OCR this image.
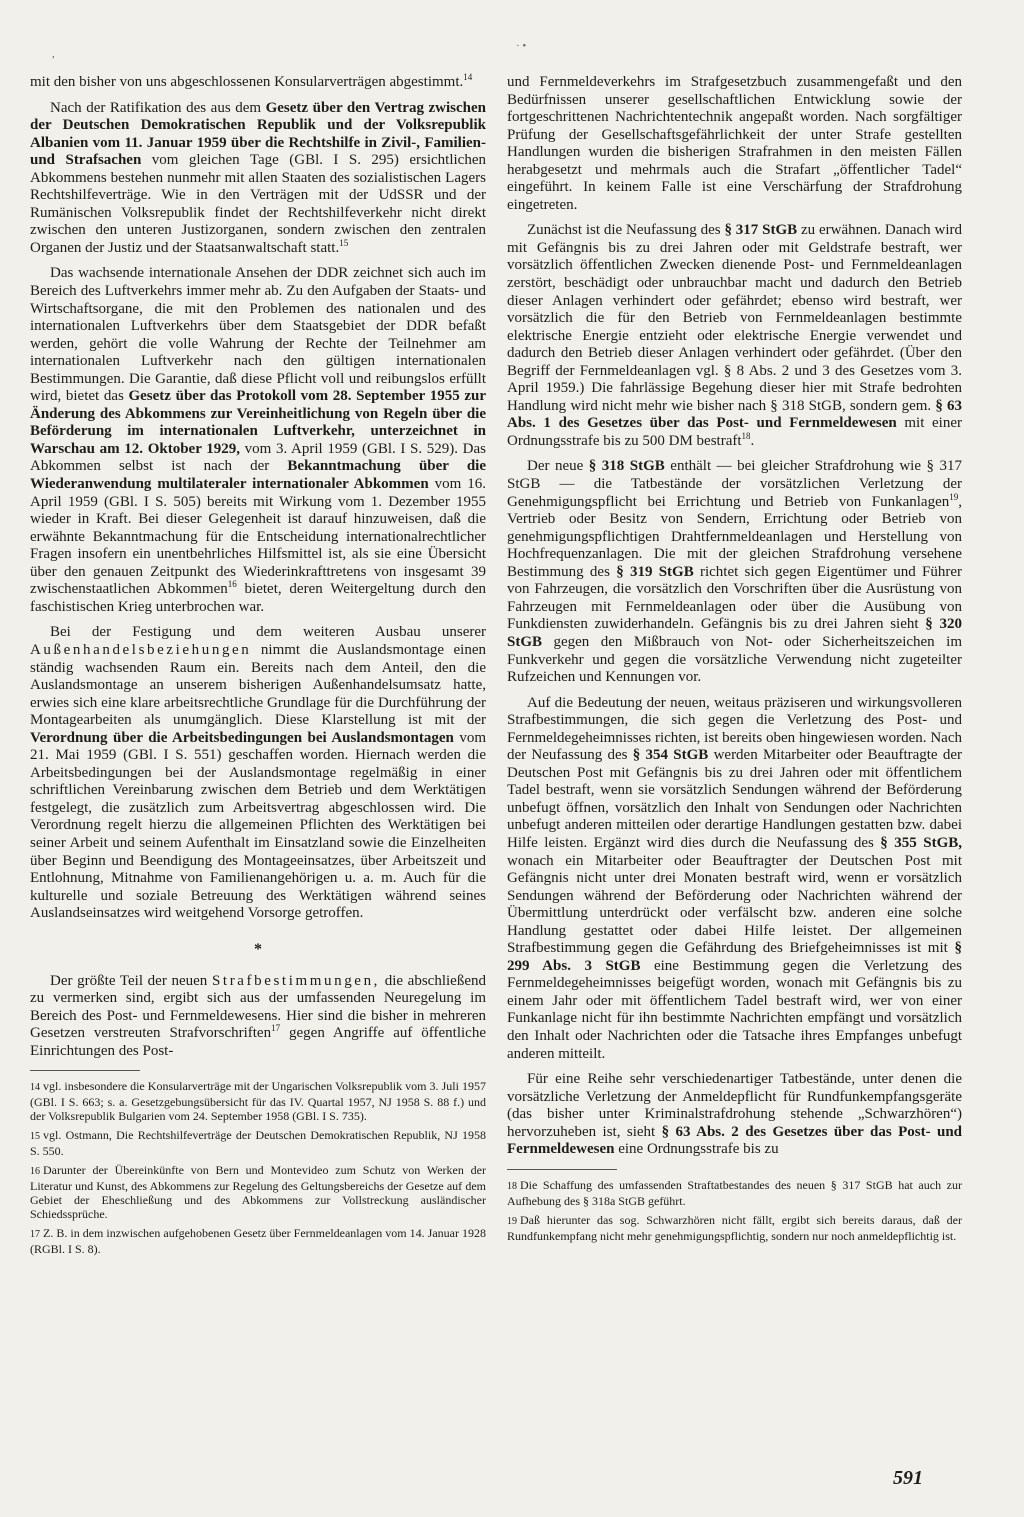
· •
,

mit den bisher von uns abgeschlossenen Konsularverträgen abgestimmt.$^{14}$

Nach der Ratifikation des aus dem Gesetz über den Vertrag zwischen der Deutschen Demokratischen Republik und der Volksrepublik Albanien vom 11. Januar 1959 über die Rechtshilfe in Zivil-, Familien- und Strafsachen vom gleichen Tage (GBl. I S. 295) ersichtlichen Abkommens bestehen nunmehr mit allen Staaten des sozialistischen Lagers Rechtshilfeverträge. Wie in den Verträgen mit der UdSSR und der Rumänischen Volksrepublik findet der Rechtshilfeverkehr nicht direkt zwischen den unteren Justizorganen, sondern zwischen den zentralen Organen der Justiz und der Staatsanwaltschaft statt.$^{15}$

Das wachsende internationale Ansehen der DDR zeichnet sich auch im Bereich des Luftverkehrs immer mehr ab. Zu den Aufgaben der Staats- und Wirtschaftsorgane, die mit den Problemen des nationalen und des internationalen Luftverkehrs über dem Staatsgebiet der DDR befaßt werden, gehört die volle Wahrung der Rechte der Teilnehmer am internationalen Luftverkehr nach den gültigen internationalen Bestimmungen. Die Garantie, daß diese Pflicht voll und reibungslos erfüllt wird, bietet das Gesetz über das Protokoll vom 28. September 1955 zur Änderung des Abkommens zur Vereinheitlichung von Regeln über die Beförderung im internationalen Luftverkehr, unterzeichnet in Warschau am 12. Oktober 1929, vom 3. April 1959 (GBl. I S. 529). Das Abkommen selbst ist nach der Bekanntmachung über die Wiederanwendung multilateraler internationaler Abkommen vom 16. April 1959 (GBl. I S. 505) bereits mit Wirkung vom 1. Dezember 1955 wieder in Kraft. Bei dieser Gelegenheit ist darauf hinzuweisen, daß die erwähnte Bekanntmachung für die Entscheidung internationalrechtlicher Fragen insofern ein unentbehrliches Hilfsmittel ist, als sie eine Übersicht über den genauen Zeitpunkt des Wiederinkrafttretens von insgesamt 39 zwischenstaatlichen Abkommen$^{16}$ bietet, deren Weitergeltung durch den faschistischen Krieg unterbrochen war.

Bei der Festigung und dem weiteren Ausbau unserer Außenhandelsbeziehungen nimmt die Auslandsmontage einen ständig wachsenden Raum ein. Bereits nach dem Anteil, den die Auslandsmontage an unserem bisherigen Außenhandelsumsatz hatte, erwies sich eine klare arbeitsrechtliche Grundlage für die Durchführung der Montagearbeiten als unumgänglich. Diese Klarstellung ist mit der Verordnung über die Arbeitsbedingungen bei Auslandsmontagen vom 21. Mai 1959 (GBl. I S. 551) geschaffen worden. Hiernach werden die Arbeitsbedingungen bei der Auslandsmontage regelmäßig in einer schriftlichen Vereinbarung zwischen dem Betrieb und dem Werktätigen festgelegt, die zusätzlich zum Arbeitsvertrag abgeschlossen wird. Die Verordnung regelt hierzu die allgemeinen Pflichten des Werktätigen bei seiner Arbeit und seinem Aufenthalt im Einsatzland sowie die Einzelheiten über Beginn und Beendigung des Montageeinsatzes, über Arbeitszeit und Entlohnung, Mitnahme von Familienangehörigen u. a. m. Auch für die kulturelle und soziale Betreuung des Werktätigen während seines Auslandseinsatzes wird weitgehend Vorsorge getroffen.

*

Der größte Teil der neuen Strafbestimmungen, die abschließend zu vermerken sind, ergibt sich aus der umfassenden Neuregelung im Bereich des Post- und Fernmeldewesens. Hier sind die bisher in mehreren Gesetzen verstreuten Strafvorschriften$^{17}$ gegen Angriffe auf öffentliche Einrichtungen des Post-

14 vgl. insbesondere die Konsularverträge mit der Ungarischen Volksrepublik vom 3. Juli 1957 (GBl. I S. 663; s. a. Gesetzgebungsübersicht für das IV. Quartal 1957, NJ 1958 S. 88 f.) und der Volksrepublik Bulgarien vom 24. September 1958 (GBl. I S. 735).

15 vgl. Ostmann, Die Rechtshilfeverträge der Deutschen Demokratischen Republik, NJ 1958 S. 550.

16 Darunter der Übereinkünfte von Bern und Montevideo zum Schutz von Werken der Literatur und Kunst, des Abkommens zur Regelung des Geltungsbereichs der Gesetze auf dem Gebiet der Eheschließung und des Abkommens zur Vollstreckung ausländischer Schiedssprüche.

17 Z. B. in dem inzwischen aufgehobenen Gesetz über Fernmeldeanlagen vom 14. Januar 1928 (RGBl. I S. 8).

und Fernmeldeverkehrs im Strafgesetzbuch zusammengefaßt und den Bedürfnissen unserer gesellschaftlichen Entwicklung sowie der fortgeschrittenen Nachrichtentechnik angepaßt worden. Nach sorgfältiger Prüfung der Gesellschaftsgefährlichkeit der unter Strafe gestellten Handlungen wurden die bisherigen Strafrahmen in den meisten Fällen herabgesetzt und mehrmals auch die Strafart „öffentlicher Tadel“ eingeführt. In keinem Falle ist eine Verschärfung der Strafdrohung eingetreten.

Zunächst ist die Neufassung des § 317 StGB zu erwähnen. Danach wird mit Gefängnis bis zu drei Jahren oder mit Geldstrafe bestraft, wer vorsätzlich öffentlichen Zwecken dienende Post- und Fernmeldeanlagen zerstört, beschädigt oder unbrauchbar macht und dadurch den Betrieb dieser Anlagen verhindert oder gefährdet; ebenso wird bestraft, wer vorsätzlich die für den Betrieb von Fernmeldeanlagen bestimmte elektrische Energie entzieht oder elektrische Energie verwendet und dadurch den Betrieb dieser Anlagen verhindert oder gefährdet. (Über den Begriff der Fernmeldeanlagen vgl. § 8 Abs. 2 und 3 des Gesetzes vom 3. April 1959.) Die fahrlässige Begehung dieser hier mit Strafe bedrohten Handlung wird nicht mehr wie bisher nach § 318 StGB, sondern gem. § 63 Abs. 1 des Gesetzes über das Post- und Fernmeldewesen mit einer Ordnungsstrafe bis zu 500 DM bestraft$^{18}$.

Der neue § 318 StGB enthält — bei gleicher Strafdrohung wie § 317 StGB — die Tatbestände der vorsätzlichen Verletzung der Genehmigungspflicht bei Errichtung und Betrieb von Funkanlagen$^{19}$, Vertrieb oder Besitz von Sendern, Errichtung oder Betrieb von genehmigungspflichtigen Drahtfernmeldeanlagen und Herstellung von Hochfrequenzanlagen. Die mit der gleichen Strafdrohung versehene Bestimmung des § 319 StGB richtet sich gegen Eigentümer und Führer von Fahrzeugen, die vorsätzlich den Vorschriften über die Ausrüstung von Fahrzeugen mit Fernmeldeanlagen oder über die Ausübung von Funkdiensten zuwiderhandeln. Gefängnis bis zu drei Jahren sieht § 320 StGB gegen den Mißbrauch von Not- oder Sicherheitszeichen im Funkverkehr und gegen die vorsätzliche Verwendung nicht zugeteilter Rufzeichen und Kennungen vor.

Auf die Bedeutung der neuen, weitaus präziseren und wirkungsvolleren Strafbestimmungen, die sich gegen die Verletzung des Post- und Fernmeldegeheimnisses richten, ist bereits oben hingewiesen worden. Nach der Neufassung des § 354 StGB werden Mitarbeiter oder Beauftragte der Deutschen Post mit Gefängnis bis zu drei Jahren oder mit öffentlichem Tadel bestraft, wenn sie vorsätzlich Sendungen während der Beförderung unbefugt öffnen, vorsätzlich den Inhalt von Sendungen oder Nachrichten unbefugt anderen mitteilen oder derartige Handlungen gestatten bzw. dabei Hilfe leisten. Ergänzt wird dies durch die Neufassung des § 355 StGB, wonach ein Mitarbeiter oder Beauftragter der Deutschen Post mit Gefängnis nicht unter drei Monaten bestraft wird, wenn er vorsätzlich Sendungen während der Beförderung oder Nachrichten während der Übermittlung unterdrückt oder verfälscht bzw. anderen eine solche Handlung gestattet oder dabei Hilfe leistet. Der allgemeinen Strafbestimmung gegen die Gefährdung des Briefgeheimnisses ist mit § 299 Abs. 3 StGB eine Bestimmung gegen die Verletzung des Fernmeldegeheimnisses beigefügt worden, wonach mit Gefängnis bis zu einem Jahr oder mit öffentlichem Tadel bestraft wird, wer von einer Funkanlage nicht für ihn bestimmte Nachrichten empfängt und vorsätzlich den Inhalt oder Nachrichten oder die Tatsache ihres Empfanges unbefugt anderen mitteilt.

Für eine Reihe sehr verschiedenartiger Tatbestände, unter denen die vorsätzliche Verletzung der Anmeldepflicht für Rundfunkempfangsgeräte (das bisher unter Kriminalstrafdrohung stehende „Schwarzhören“) hervorzuheben ist, sieht § 63 Abs. 2 des Gesetzes über das Post- und Fernmeldewesen eine Ordnungsstrafe bis zu

18 Die Schaffung des umfassenden Straftatbestandes des neuen § 317 StGB hat auch zur Aufhebung des § 318a StGB geführt.

19 Daß hierunter das sog. Schwarzhören nicht fällt, ergibt sich bereits daraus, daß der Rundfunkempfang nicht mehr genehmigungspflichtig, sondern nur noch anmeldepflichtig ist.

591
